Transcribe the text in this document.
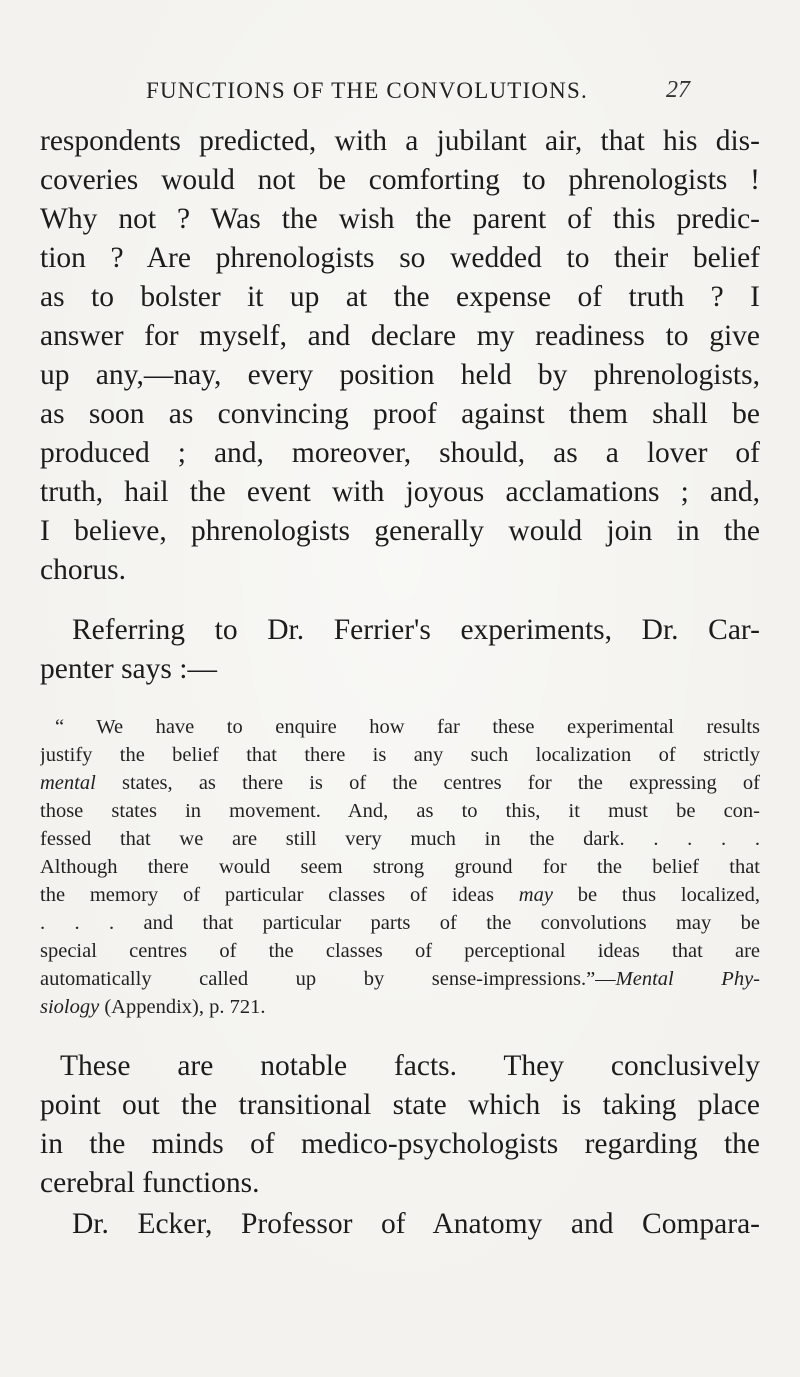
FUNCTIONS OF THE CONVOLUTIONS.	27
respondents predicted, with a jubilant air, that his dis-
coveries would not be comforting to phrenologists !
Why not ? Was the wish the parent of this predic-
tion ? Are phrenologists so wedded to their belief
as to bolster it up at the expense of truth ? I
answer for myself, and declare my readiness to give
up any,—nay, every position held by phrenologists,
as soon as convincing proof against them shall be
produced ; and, moreover, should, as a lover of
truth, hail the event with joyous acclamations ; and,
I believe, phrenologists generally would join in the
chorus.
Referring to Dr. Ferrier's experiments, Dr. Car-
penter says :—
“ We have to enquire how far these experimental results
justify the belief that there is any such localization of strictly
mental states, as there is of the centres for the expressing of
those states in movement. And, as to this, it must be con-
fessed that we are still very much in the dark. . . . .
Although there would seem strong ground for the belief that
the memory of particular classes of ideas may be thus localized,
. . . and that particular parts of the convolutions may be
special centres of the classes of perceptional ideas that are
automatically called up by sense-impressions.”—Mental Phy-
siology (Appendix), p. 721.
These are notable facts. They conclusively
point out the transitional state which is taking place
in the minds of medico-psychologists regarding the
cerebral functions.
Dr. Ecker, Professor of Anatomy and Compara-
